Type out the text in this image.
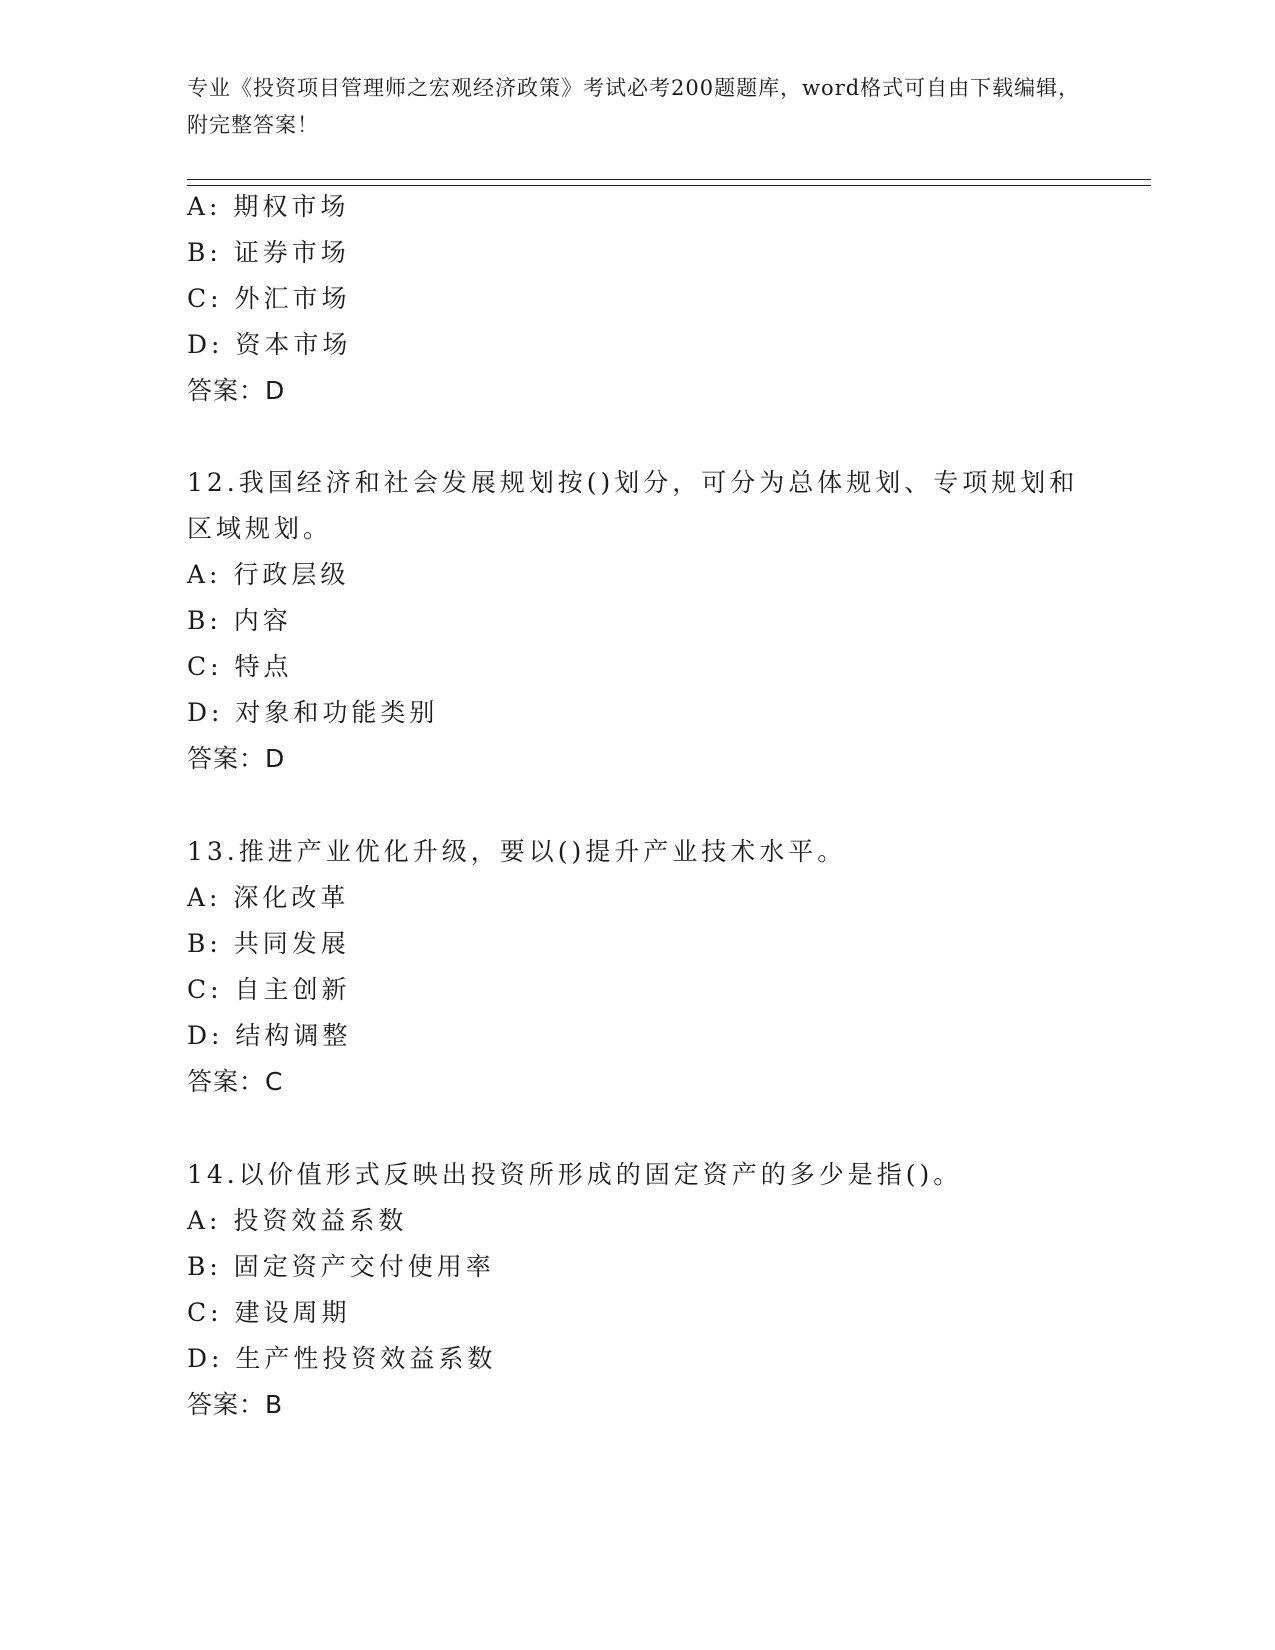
专业《投资项目管理师之宏观经济政策》考试必考200题题库，word格式可自由下载编辑，附完整答案！
A: 期权市场
B: 证券市场
C: 外汇市场
D: 资本市场
答案：D
12.我国经济和社会发展规划按()划分，可分为总体规划、专项规划和区域规划。
A: 行政层级
B: 内容
C: 特点
D: 对象和功能类别
答案：D
13.推进产业优化升级，要以()提升产业技术水平。
A: 深化改革
B: 共同发展
C: 自主创新
D: 结构调整
答案：C
14.以价值形式反映出投资所形成的固定资产的多少是指()。
A: 投资效益系数
B: 固定资产交付使用率
C: 建设周期
D: 生产性投资效益系数
答案：B
